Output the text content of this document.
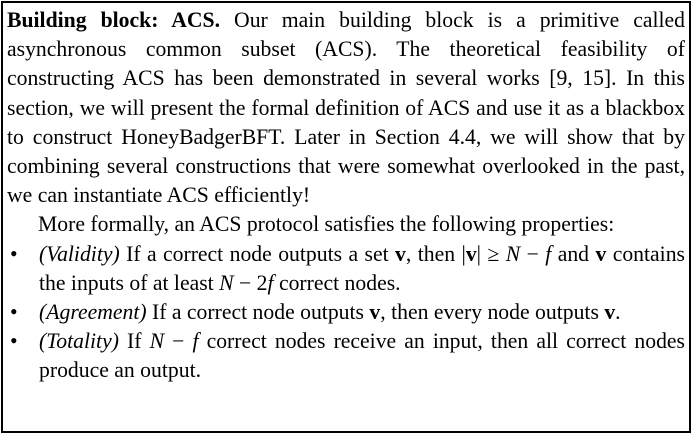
Building block: ACS. Our main building block is a primitive called asynchronous common subset (ACS). The theoretical feasibility of constructing ACS has been demonstrated in several works [9, 15]. In this section, we will present the formal definition of ACS and use it as a blackbox to construct HoneyBadgerBFT. Later in Section 4.4, we will show that by combining several constructions that were somewhat overlooked in the past, we can instantiate ACS efficiently!

More formally, an ACS protocol satisfies the following properties:

• (Validity) If a correct node outputs a set v, then |v| ≥ N − f and v contains the inputs of at least N − 2f correct nodes.
• (Agreement) If a correct node outputs v, then every node outputs v.
• (Totality) If N − f correct nodes receive an input, then all correct nodes produce an output.
